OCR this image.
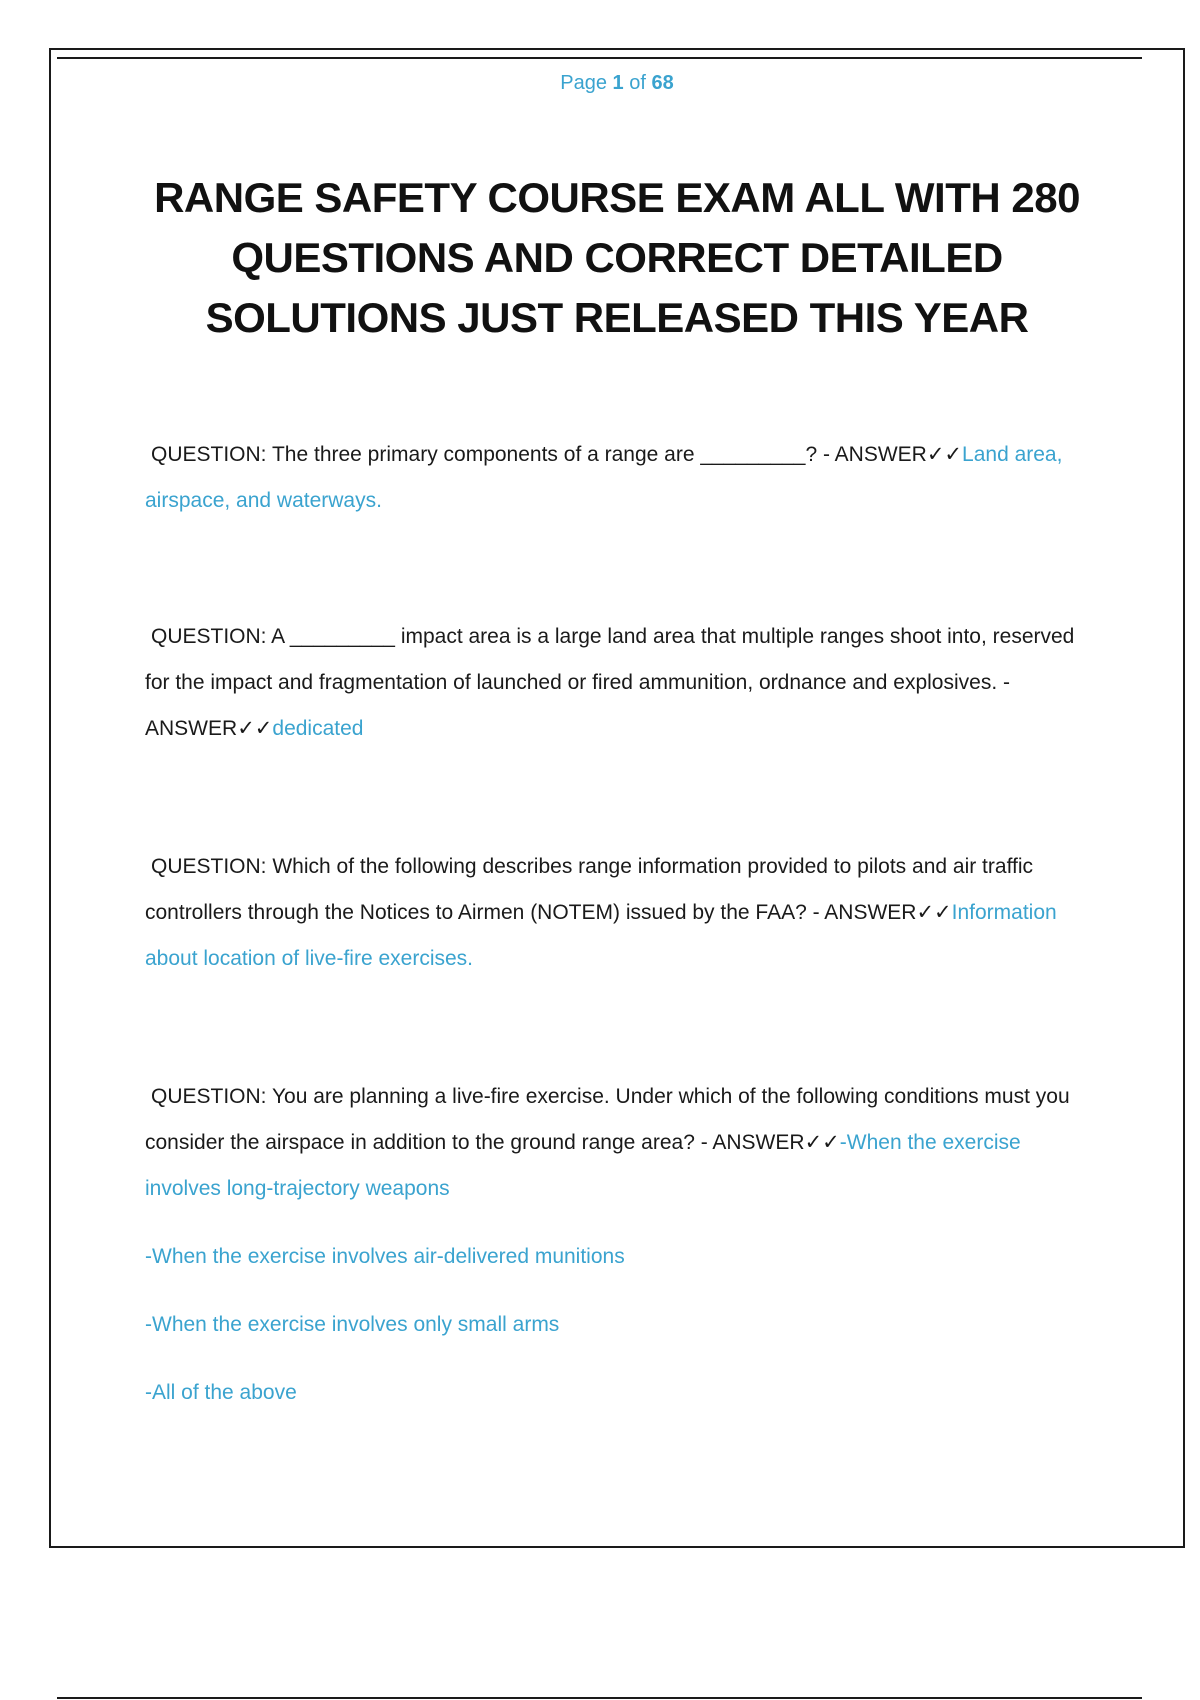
Page 1 of 68
RANGE SAFETY COURSE EXAM ALL WITH 280 QUESTIONS AND CORRECT DETAILED SOLUTIONS JUST RELEASED THIS YEAR
QUESTION: The three primary components of a range are _________? - ANSWER✓✓Land area, airspace, and waterways.
QUESTION: A _________ impact area is a large land area that multiple ranges shoot into, reserved for the impact and fragmentation of launched or fired ammunition, ordnance and explosives. - ANSWER✓✓dedicated
QUESTION: Which of the following describes range information provided to pilots and air traffic controllers through the Notices to Airmen (NOTEM) issued by the FAA? - ANSWER✓✓Information about location of live-fire exercises.
QUESTION: You are planning a live-fire exercise. Under which of the following conditions must you consider the airspace in addition to the ground range area? - ANSWER✓✓-When the exercise involves long-trajectory weapons
-When the exercise involves air-delivered munitions
-When the exercise involves only small arms
-All of the above
